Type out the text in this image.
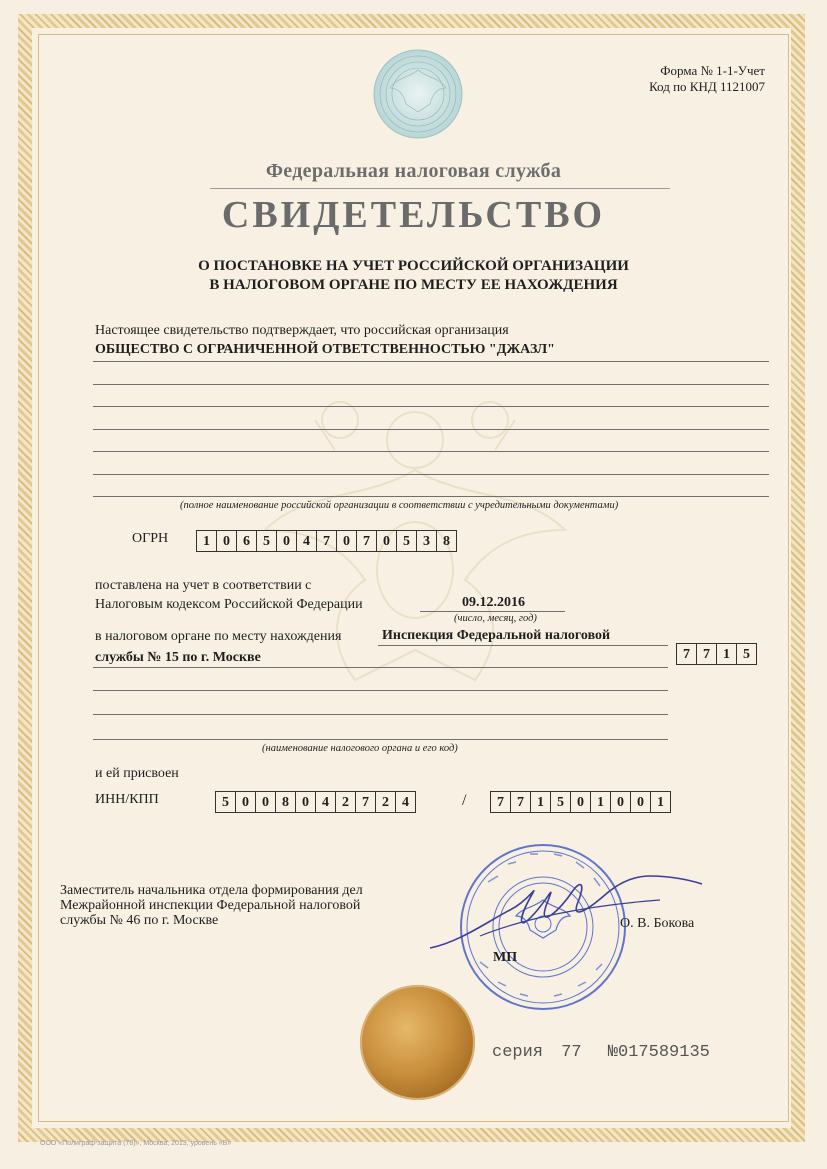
Форма № 1-1-Учет
Код по КНД 1121007
Федеральная налоговая служба
СВИДЕТЕЛЬСТВО
О ПОСТАНОВКЕ НА УЧЕТ РОССИЙСКОЙ ОРГАНИЗАЦИИ
В НАЛОГОВОМ ОРГАНЕ ПО МЕСТУ ЕЕ НАХОЖДЕНИЯ
Настоящее свидетельство подтверждает, что российская организация
ОБЩЕСТВО С ОГРАНИЧЕННОЙ ОТВЕТСТВЕННОСТЬЮ "ДЖАЗЛ"
(полное наименование российской организации в соответствии с учредительными документами)
ОГРН	1 0 6 5 0 4 7 0 7 0 5 3 8
поставлена на учет в соответствии с
Налоговым кодексом Российской Федерации	09.12.2016
(число, месяц, год)
в налоговом органе по месту нахождения	Инспекция Федеральной налоговой
службы № 15 по г. Москве	7 7 1 5
(наименование налогового органа и его код)
и ей присвоен
ИНН/КПП	5 0 0 8 0 4 2 7 2 4	/	7 7 1 5 0 1 0 0 1
Заместитель начальника отдела формирования дел
Межрайонной инспекции Федеральной налоговой
службы № 46 по г. Москве	О. В. Бокова
МП
серия 77 №017589135
ООО «Полиграф-защита (78)», Москва, 2013, уровень «В»
